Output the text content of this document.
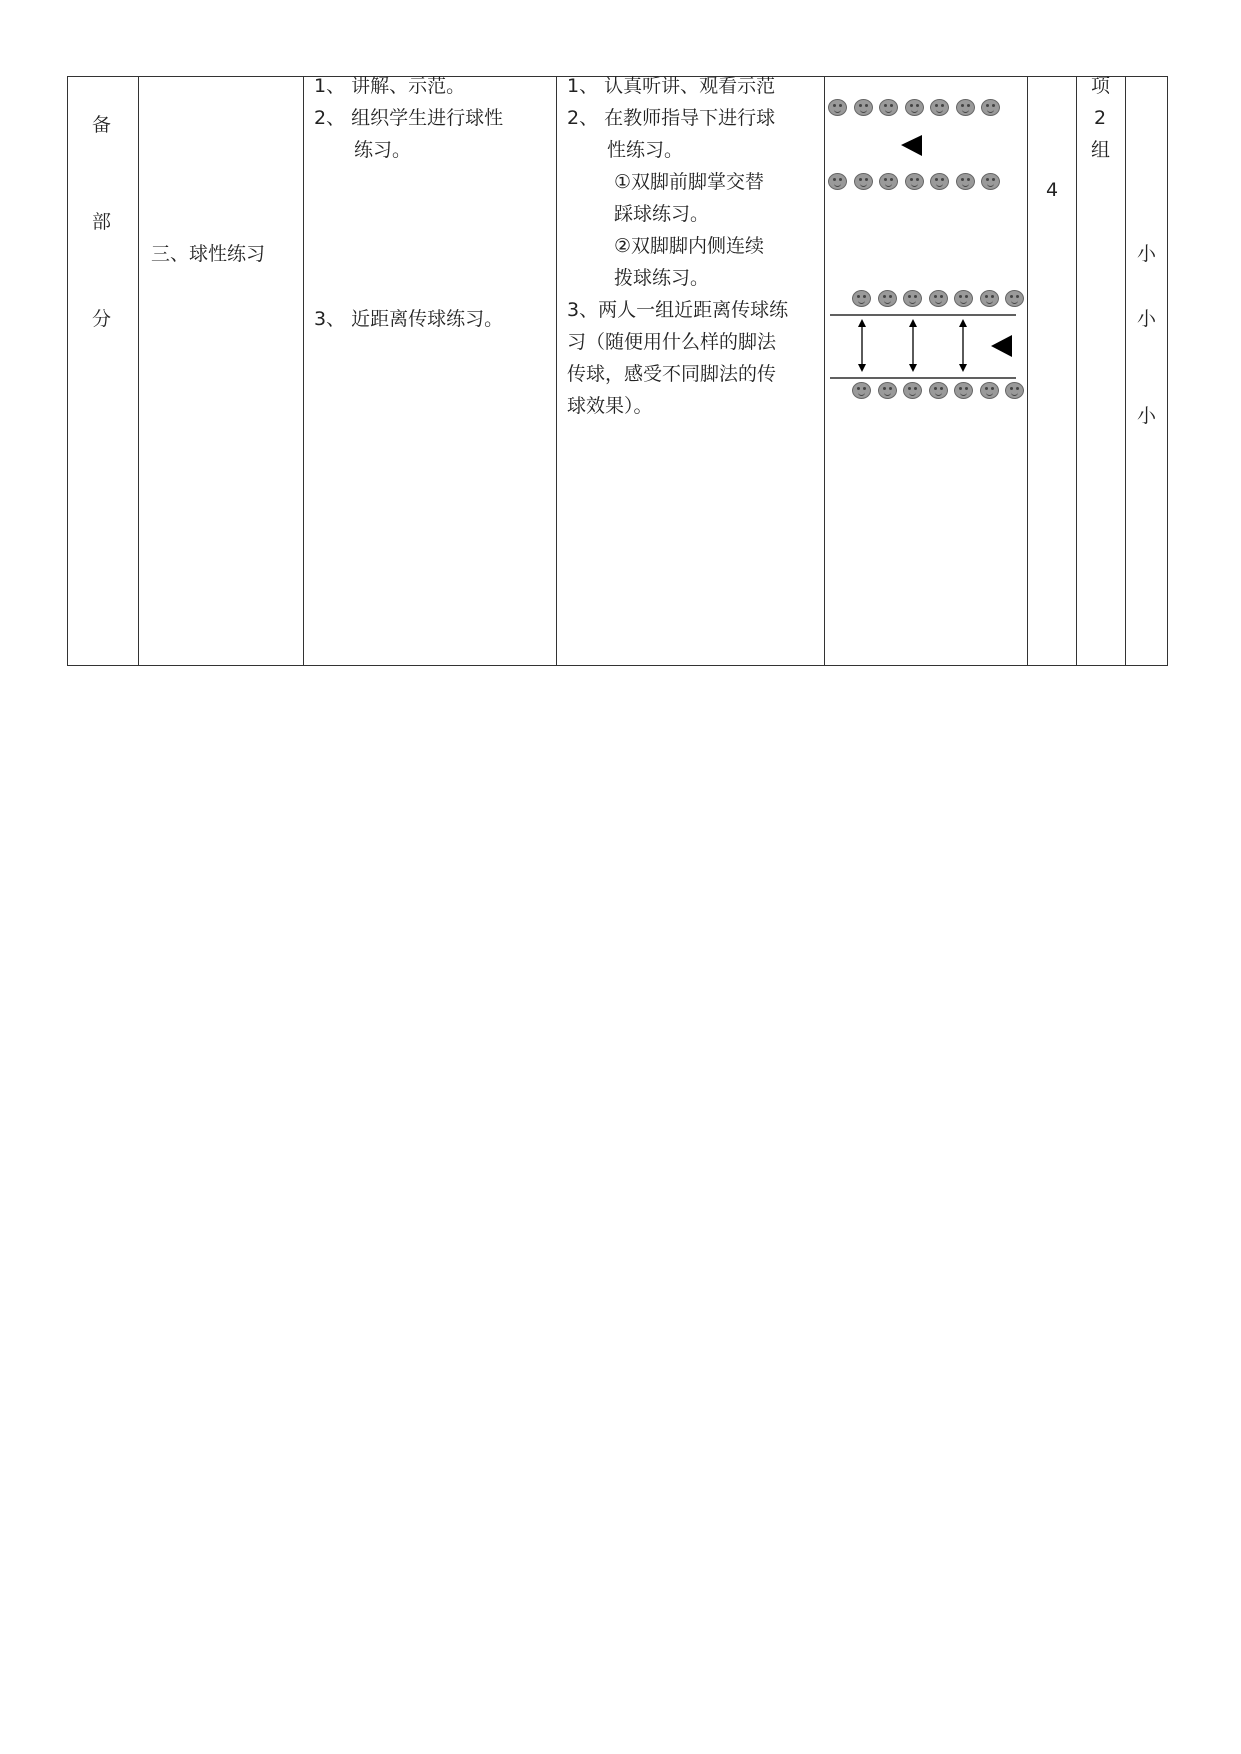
备
部
分
三、球性练习
1、 讲解、示范。
2、 组织学生进行球性
练习。
3、 近距离传球练习。
1、 认真听讲、观看示范
2、 在教师指导下进行球
性练习。
①双脚前脚掌交替
踩球练习。
②双脚脚内侧连续
拨球练习。
3、两人一组近距离传球练
习（随便用什么样的脚法
传球，感受不同脚法的传
球效果）。
4
项
2
组
小
小
小
